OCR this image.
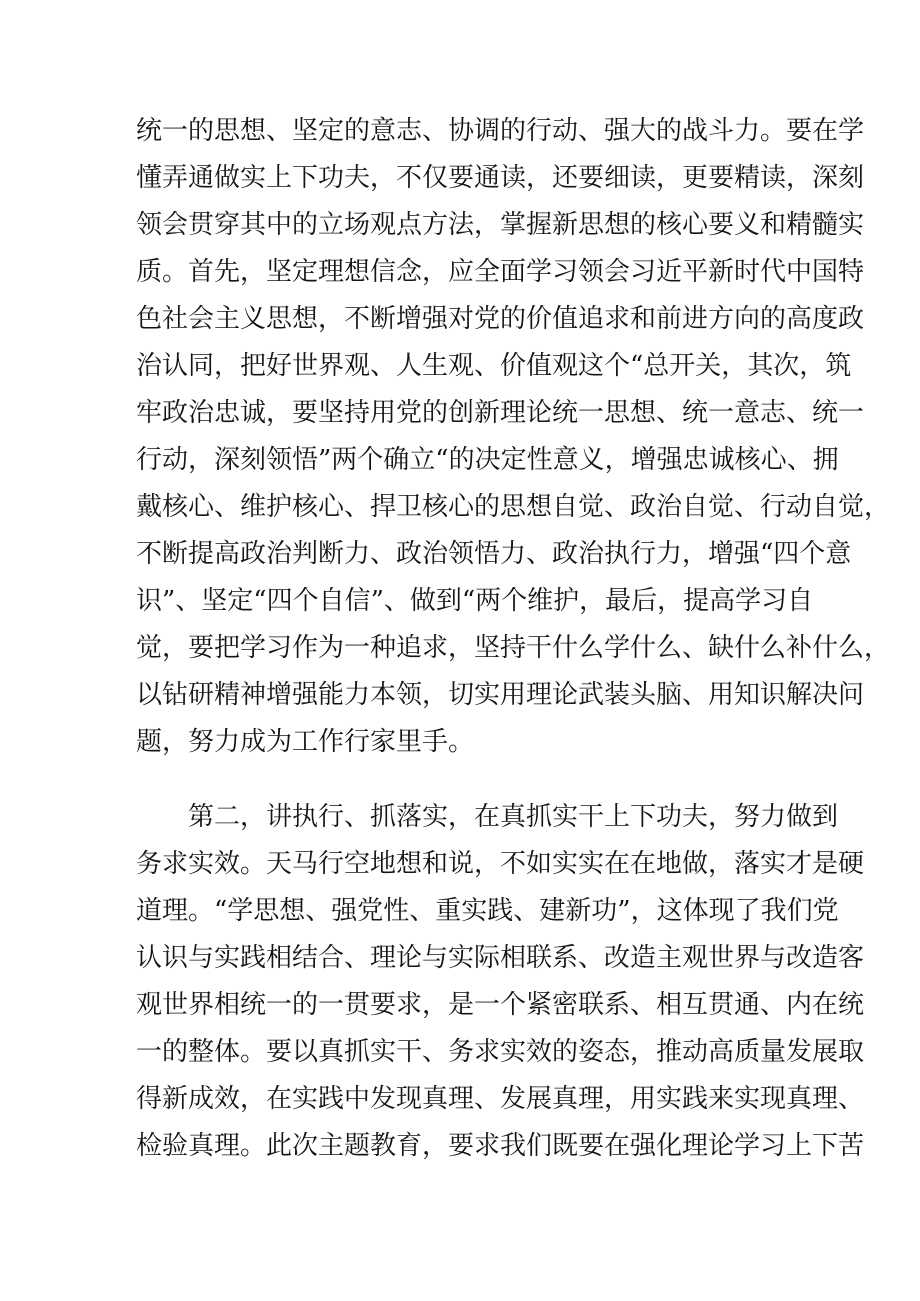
统一的思想、坚定的意志、协调的行动、强大的战斗力。要在学

懂弄通做实上下功夫，不仅要通读，还要细读，更要精读，深刻

领会贯穿其中的立场观点方法，掌握新思想的核心要义和精髓实

质。首先，坚定理想信念，应全面学习领会习近平新时代中国特

色社会主义思想，不断增强对党的价值追求和前进方向的高度政

治认同，把好世界观、人生观、价值观这个“总开关，其次，筑

牢政治忠诚，要坚持用党的创新理论统一思想、统一意志、统一

行动，深刻领悟”两个确立“的决定性意义，增强忠诚核心、拥

戴核心、维护核心、捍卫核心的思想自觉、政治自觉、行动自觉，

不断提高政治判断力、政治领悟力、政治执行力，增强“四个意

识”、坚定“四个自信”、做到“两个维护，最后，提高学习自

觉，要把学习作为一种追求，坚持干什么学什么、缺什么补什么，

以钻研精神增强能力本领，切实用理论武装头脑、用知识解决问

题，努力成为工作行家里手。

第二，讲执行、抓落实，在真抓实干上下功夫，努力做到

务求实效。天马行空地想和说，不如实实在在地做，落实才是硬

道理。“学思想、强党性、重实践、建新功”，这体现了我们党

认识与实践相结合、理论与实际相联系、改造主观世界与改造客

观世界相统一的一贯要求，是一个紧密联系、相互贯通、内在统

一的整体。要以真抓实干、务求实效的姿态，推动高质量发展取

得新成效，在实践中发现真理、发展真理，用实践来实现真理、

检验真理。此次主题教育，要求我们既要在强化理论学习上下苦
